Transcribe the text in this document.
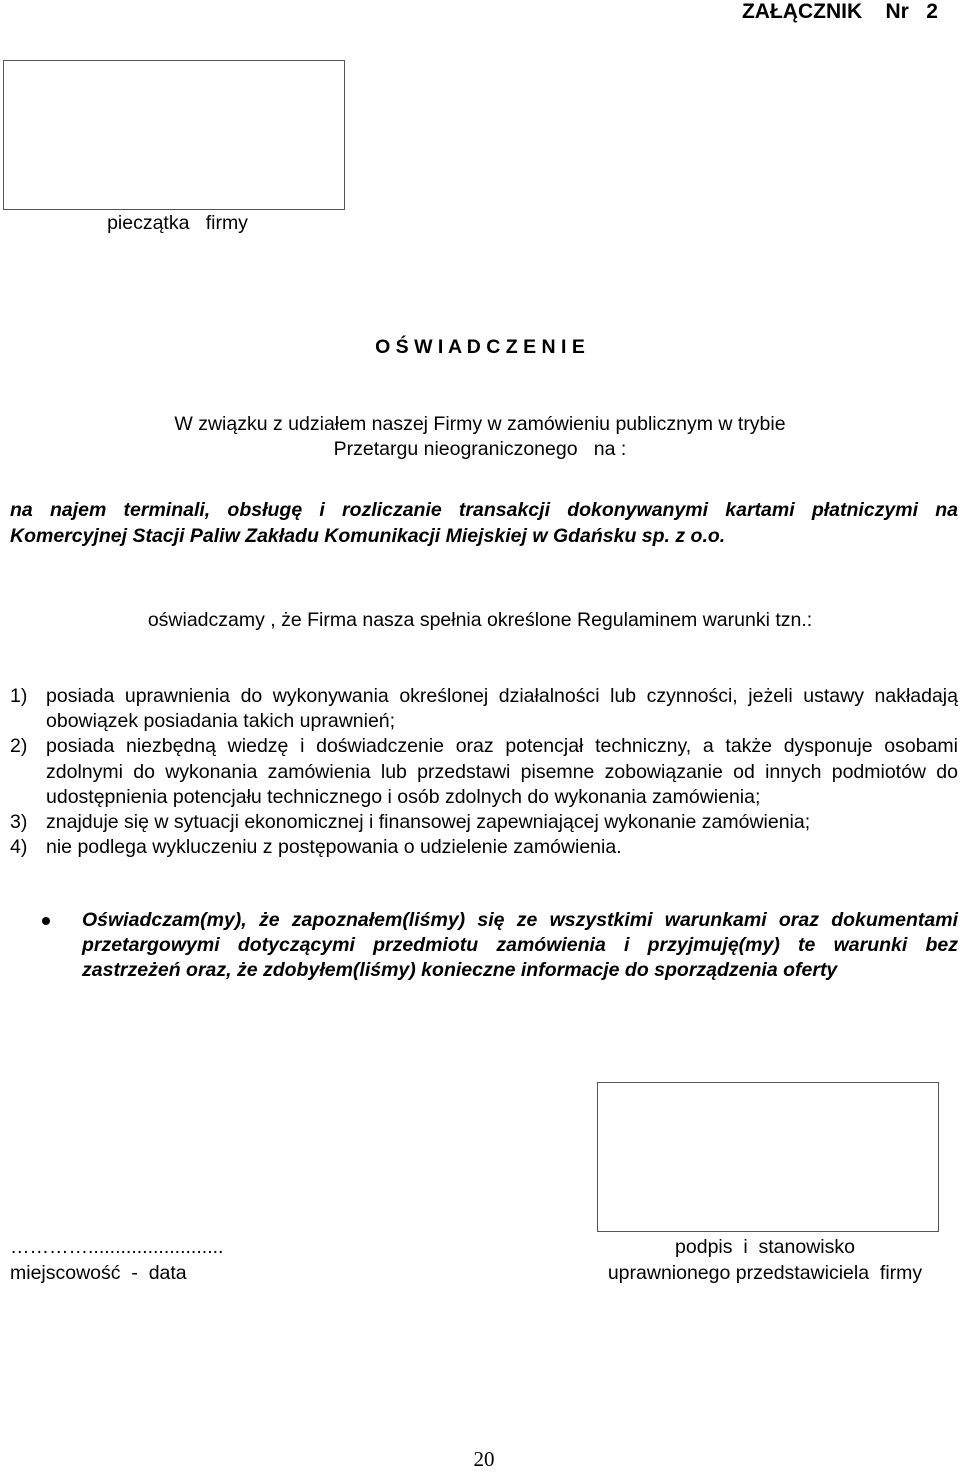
ZAŁĄCZNIK    Nr   2
pieczątka   firmy
O Ś W I A D C Z E N I E
W związku z udziałem naszej Firmy w zamówieniu publicznym w trybie
Przetargu nieograniczonego   na :
na najem terminali, obsługę i rozliczanie transakcji dokonywanymi kartami płatniczymi na Komercyjnej Stacji Paliw Zakładu Komunikacji Miejskiej w Gdańsku sp. z o.o.
oświadczamy , że Firma nasza spełnia określone Regulaminem warunki tzn.:
1) posiada uprawnienia do wykonywania określonej działalności lub czynności, jeżeli ustawy nakładają obowiązek posiadania takich uprawnień;
2) posiada niezbędną wiedzę i doświadczenie oraz potencjał techniczny, a także dysponuje osobami zdolnymi do wykonania zamówienia lub przedstawi pisemne zobowiązanie od innych podmiotów do udostępnienia potencjału technicznego i osób zdolnych do wykonania zamówienia;
3) znajduje się w sytuacji ekonomicznej i finansowej zapewniającej wykonanie zamówienia;
4) nie podlega wykluczeniu z postępowania o udzielenie zamówienia.
Oświadczam(my), że zapoznałem(liśmy) się ze wszystkimi warunkami oraz dokumentami przetargowymi dotyczącymi przedmiotu zamówienia i przyjmuję(my) te warunki bez zastrzeżeń oraz, że zdobyłem(liśmy) konieczne informacje do sporządzenia oferty
………….........................
miejscowość  -  data
podpis  i  stanowisko
uprawnionego przedstawiciela  firmy
20
